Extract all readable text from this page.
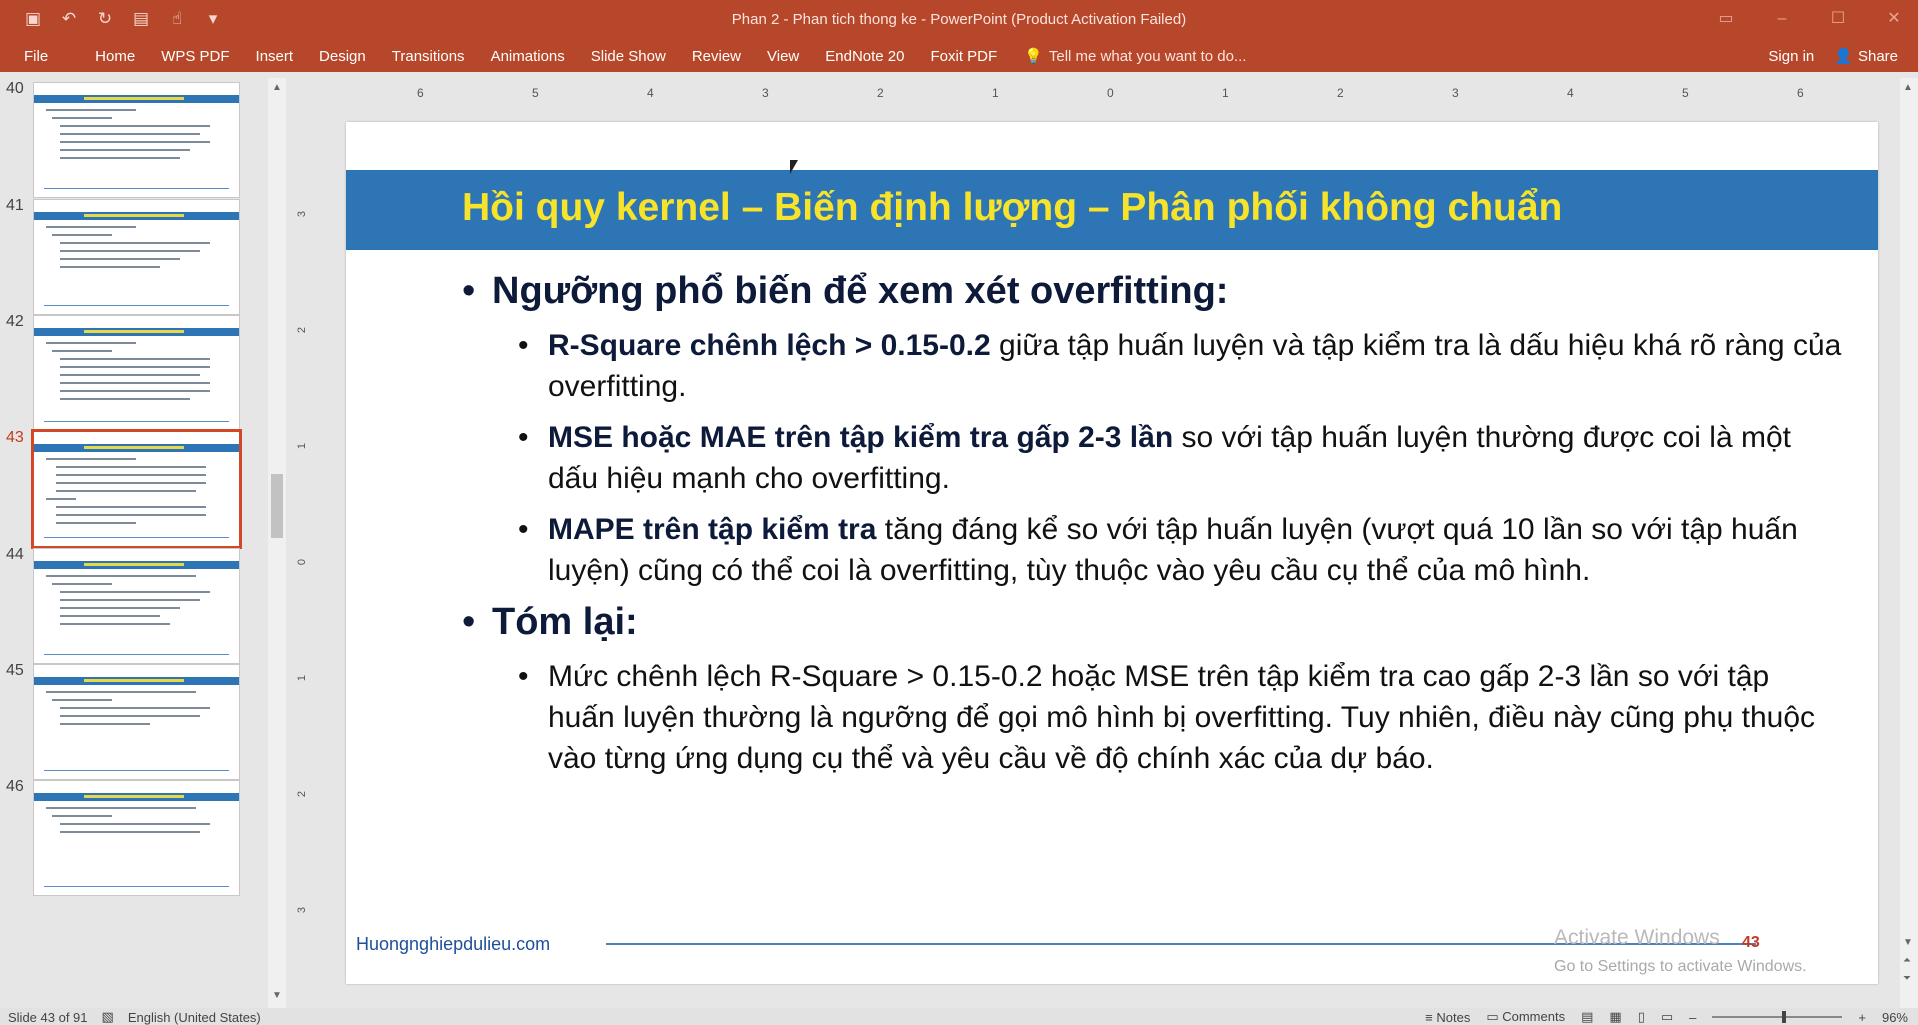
▣ ↶ ↻ ▤	☝	▾	Phan 2 - Phan tich thong ke - PowerPoint (Product Activation Failed)	▭	–	☐	✕
File	Home	WPS PDF	Insert	Design	Transitions	Animations	Slide Show	Review	View	EndNote 20	Foxit PDF	💡 Tell me what you want to do...	Sign in 👤 Share
40
41
42
43
44
45
46
▲
▼
6	5	4	3	2	1	0	1	2	3	4	5	6
3
2
1
0
1
2
3
Hồi quy kernel – Biến định lượng – Phân phối không chuẩn
• Ngưỡng phổ biến để xem xét overfitting:
• R-Square chênh lệch > 0.15-0.2 giữa tập huấn luyện và tập kiểm tra là dấu hiệu khá rõ ràng của overfitting.
• MSE hoặc MAE trên tập kiểm tra gấp 2-3 lần so với tập huấn luyện thường được coi là một dấu hiệu mạnh cho overfitting.
• MAPE trên tập kiểm tra tăng đáng kể so với tập huấn luyện (vượt quá 10 lần so với tập huấn luyện) cũng có thể coi là overfitting, tùy thuộc vào yêu cầu cụ thể của mô hình.
• Tóm lại:
• Mức chênh lệch R-Square > 0.15-0.2 hoặc MSE trên tập kiểm tra cao gấp 2-3 lần so với tập huấn luyện thường là ngưỡng để gọi mô hình bị overfitting. Tuy nhiên, điều này cũng phụ thuộc vào từng ứng dụng cụ thể và yêu cầu về độ chính xác của dự báo.
Huongnghiepdulieu.com	Activate Windows
Go to Settings to activate Windows.
43
▲
▼
⏶
⏷
Slide 43 of 91 ▧ English (United States)	≡ Notes ▭ Comments ▤ ▦ ▯ ▭ –	+ 96%
